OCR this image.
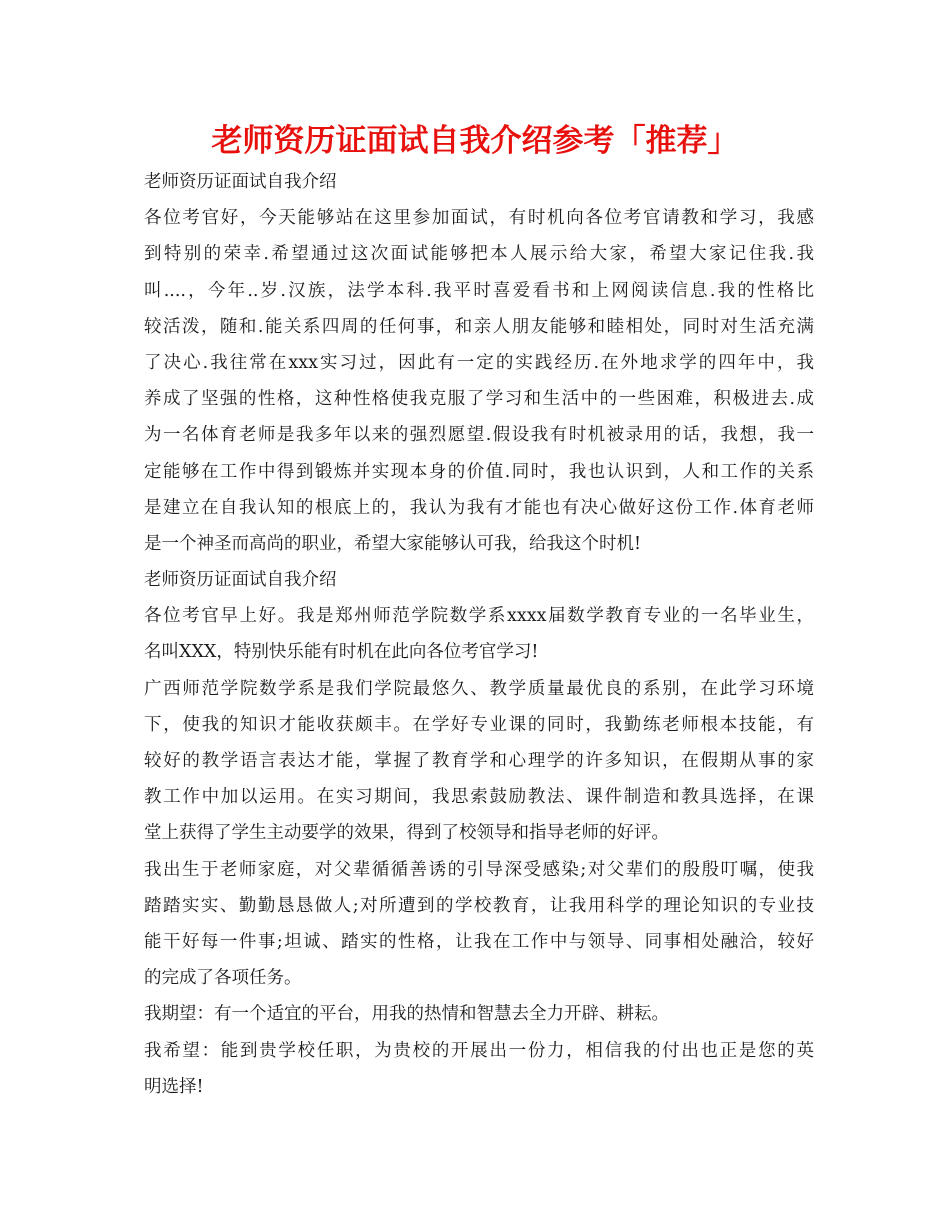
老师资历证面试自我介绍参考「推荐」
老师资历证面试自我介绍
各位考官好，今天能够站在这里参加面试，有时机向各位考官请教和学习，我感
到特别的荣幸.希望通过这次面试能够把本人展示给大家，希望大家记住我.我
叫....，今年..岁.汉族，法学本科.我平时喜爱看书和上网阅读信息.我的性格比
较活泼，随和.能关系四周的任何事，和亲人朋友能够和睦相处，同时对生活充满
了决心.我往常在xxx实习过，因此有一定的实践经历.在外地求学的四年中，我
养成了坚强的性格，这种性格使我克服了学习和生活中的一些困难，积极进去.成
为一名体育老师是我多年以来的强烈愿望.假设我有时机被录用的话，我想，我一
定能够在工作中得到锻炼并实现本身的价值.同时，我也认识到，人和工作的关系
是建立在自我认知的根底上的，我认为我有才能也有决心做好这份工作.体育老师
是一个神圣而高尚的职业，希望大家能够认可我，给我这个时机!
老师资历证面试自我介绍
各位考官早上好。我是郑州师范学院数学系xxxx届数学教育专业的一名毕业生，
名叫XXX，特别快乐能有时机在此向各位考官学习!
广西师范学院数学系是我们学院最悠久、教学质量最优良的系别，在此学习环境
下，使我的知识才能收获颇丰。在学好专业课的同时，我勤练老师根本技能，有
较好的教学语言表达才能，掌握了教育学和心理学的许多知识，在假期从事的家
教工作中加以运用。在实习期间，我思索鼓励教法、课件制造和教具选择，在课
堂上获得了学生主动要学的效果，得到了校领导和指导老师的好评。
我出生于老师家庭，对父辈循循善诱的引导深受感染;对父辈们的殷殷叮嘱，使我
踏踏实实、勤勤恳恳做人;对所遭到的学校教育，让我用科学的理论知识的专业技
能干好每一件事;坦诚、踏实的性格，让我在工作中与领导、同事相处融洽，较好
的完成了各项任务。
我期望：有一个适宜的平台，用我的热情和智慧去全力开辟、耕耘。
我希望：能到贵学校任职，为贵校的开展出一份力，相信我的付出也正是您的英
明选择!
